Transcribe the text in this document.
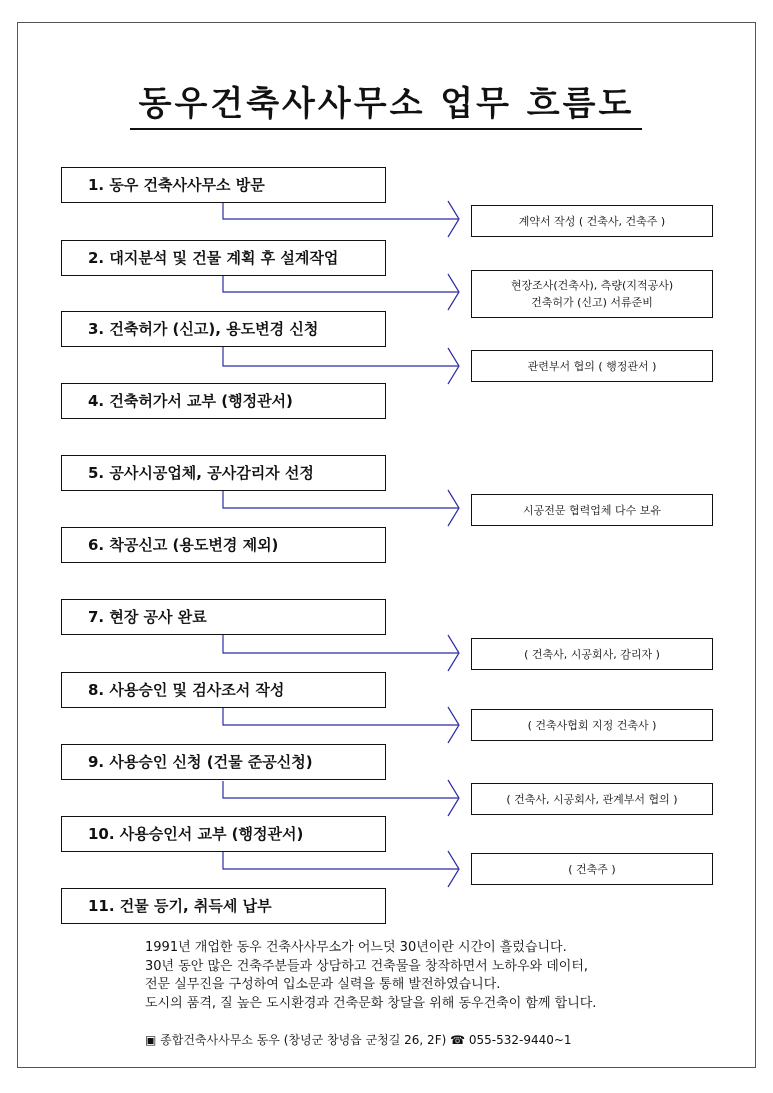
동우건축사사무소 업무 흐름도
1. 동우 건축사사무소 방문
2. 대지분석 및 건물 계획 후 설계작업
3. 건축허가 (신고), 용도변경 신청
4. 건축허가서 교부 (행정관서)
5. 공사시공업체, 공사감리자 선정
6. 착공신고 (용도변경 제외)
7. 현장 공사 완료
8. 사용승인 및 검사조서 작성
9. 사용승인 신청 (건물 준공신청)
10. 사용승인서 교부 (행정관서)
11. 건물 등기, 취득세 납부
계약서 작성 ( 건축사, 건축주 )
현장조사(건축사), 측량(지적공사)
건축허가 (신고) 서류준비
관련부서 협의 ( 행정관서 )
시공전문 협력업체 다수 보유
( 건축사, 시공회사, 감리자 )
( 건축사협회 지정 건축사 )
( 건축사, 시공회사, 관계부서 협의 )
( 건축주 )

1991년 개업한 동우 건축사사무소가 어느덧 30년이란 시간이 흘렀습니다.

30년 동안 많은 건축주분들과 상담하고 건축물을 창작하면서 노하우와 데이터,

전문 실무진을 구성하여 입소문과 실력을 통해 발전하였습니다.

도시의 품격, 질 높은 도시환경과 건축문화 창달을 위해 동우건축이 함께 합니다.

▣ 종합건축사사무소 동우 (창녕군 창녕읍 군청길 26, 2F) ☎ 055-532-9440~1
